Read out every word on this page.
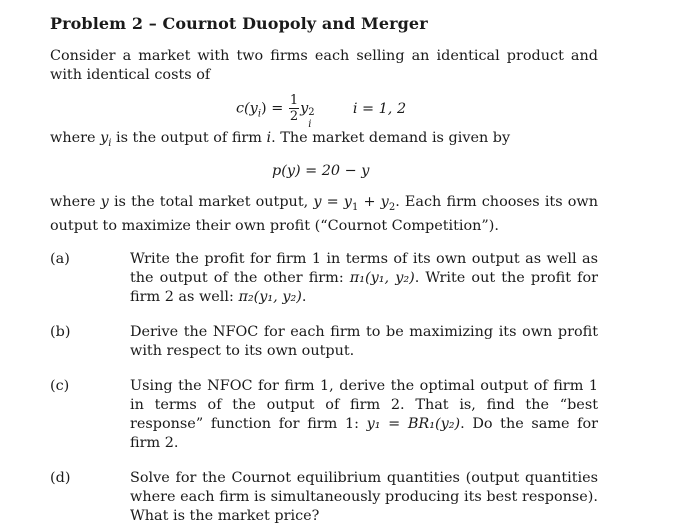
Problem 2 – Cournot Duopoly and Merger

Consider a market with two firms each selling an identical product and with identical costs of

$c(y_i) = \frac{1}{2}$ y 2
i
i = 1, 2

where $y_i$ is the output of firm i. The market demand is given by

p(y) = 20 − y

where y is the total market output, $y = y_1 + y_2$. Each firm chooses its own output to maximize their own profit (“Cournot Competition”).

(a)	Write the profit for firm 1 in terms of its own output as well as the output of the other firm: π₁(y₁, y₂). Write out the profit for firm 2 as well: π₂(y₁, y₂).
(b)	Derive the NFOC for each firm to be maximizing its own profit with respect to its own output.
(c)	Using the NFOC for firm 1, derive the optimal output of firm 1 in terms of the output of firm 2. That is, find the “best response” function for firm 1: y₁ = BR₁(y₂). Do the same for firm 2.
(d)	Solve for the Cournot equilibrium quantities (output quantities where each firm is simultaneously producing its best response). What is the market price?
